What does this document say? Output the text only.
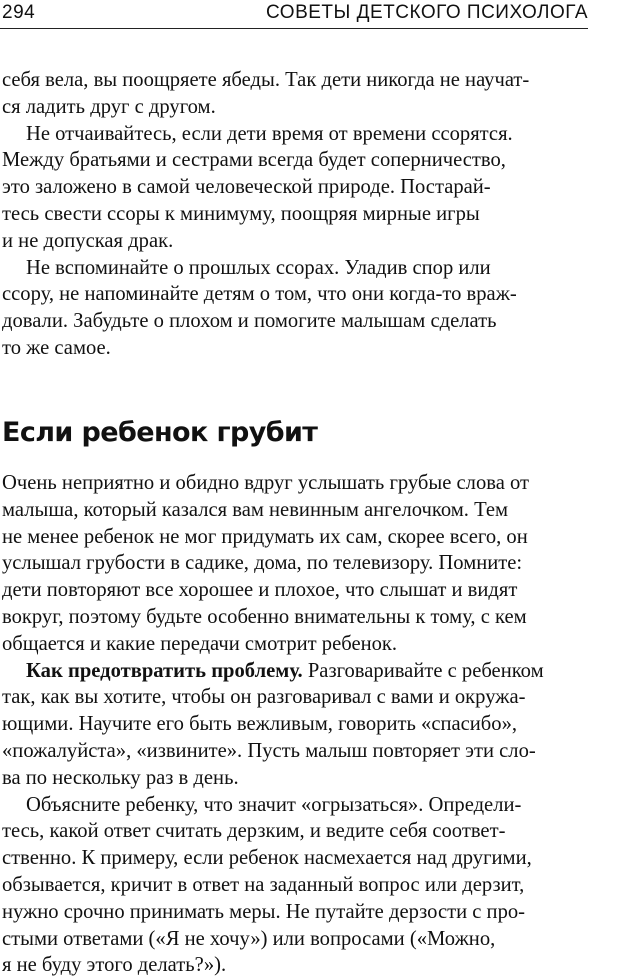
294	СОВЕТЫ ДЕТСКОГО ПСИХОЛОГА

себя вела, вы поощряете ябеды. Так дети никогда не научат-
ся ладить друг с другом.

Не отчаивайтесь, если дети время от времени ссорятся.
Между братьями и сестрами всегда будет соперничество,
это заложено в самой человеческой природе. Постарай-
тесь свести ссоры к минимуму, поощряя мирные игры
и не допуская драк.

Не вспоминайте о прошлых ссорах. Уладив спор или
ссору, не напоминайте детям о том, что они когда-то враж-
довали. Забудьте о плохом и помогите малышам сделать
то же самое.

Если ребенок грубит

Очень неприятно и обидно вдруг услышать грубые слова от
малыша, который казался вам невинным ангелочком. Тем
не менее ребенок не мог придумать их сам, скорее всего, он
услышал грубости в садике, дома, по телевизору. Помните:
дети повторяют все хорошее и плохое, что слышат и видят
вокруг, поэтому будьте особенно внимательны к тому, с кем
общается и какие передачи смотрит ребенок.

Как предотвратить проблему. Разговаривайте с ребенком
так, как вы хотите, чтобы он разговаривал с вами и окружа-
ющими. Научите его быть вежливым, говорить «спасибо»,
«пожалуйста», «извините». Пусть малыш повторяет эти сло-
ва по нескольку раз в день.

Объясните ребенку, что значит «огрызаться». Определи-
тесь, какой ответ считать дерзким, и ведите себя соответ-
ственно. К примеру, если ребенок насмехается над другими,
обзывается, кричит в ответ на заданный вопрос или дерзит,
нужно срочно принимать меры. Не путайте дерзости с про-
стыми ответами («Я не хочу») или вопросами («Можно,
я не буду этого делать?»).
